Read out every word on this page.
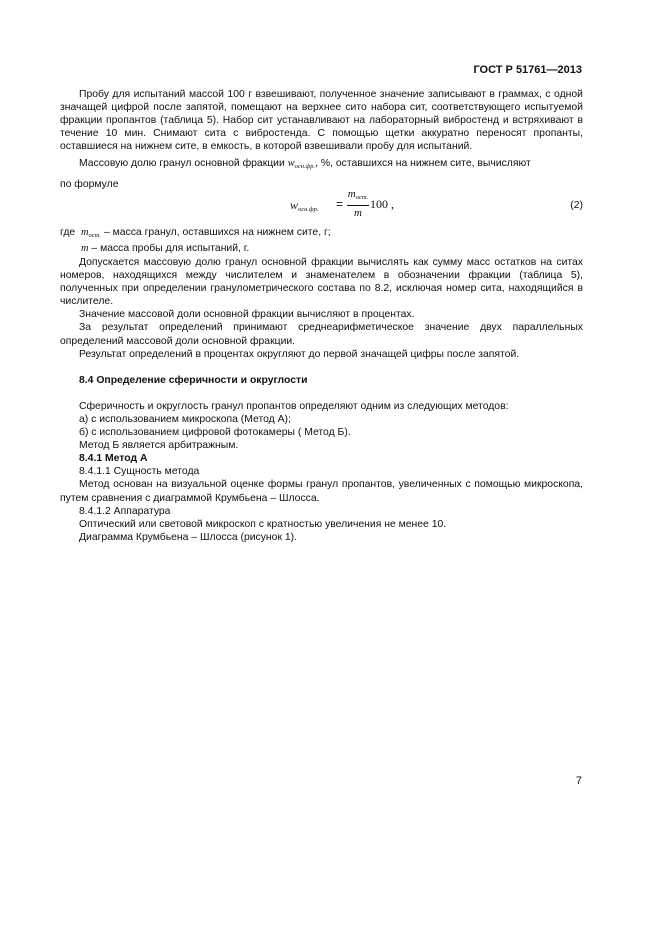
ГОСТ Р 51761—2013

Пробу для испытаний массой 100 г взвешивают, полученное значение записывают в граммах, с одной значащей цифрой после запятой, помещают на верхнее сито набора сит, соответствующего испытуемой фракции пропантов (таблица 5). Набор сит устанавливают на лабораторный вибростенд и встряхивают в течение 10 мин. Снимают сита с вибростенда. С помощью щетки аккуратно переносят пропанты, оставшиеся на нижнем сите, в емкость, в которой взвешивали пробу для испытаний.

Массовую долю гранул основной фракции $w_{осн.фр.}$, %, оставшихся на нижнем сите, вычисляют

по формуле

$w_{осн.фр.}$ =
$m_{ост.}$
m
100 ,	(2)
где $m_{ост.}$ – масса гранул, оставшихся на нижнем сите, г;
m – масса пробы для испытаний, г.

Допускается массовую долю гранул основной фракции вычислять как сумму масс остатков на ситах номеров, находящихся между числителем и знаменателем в обозначении фракции (таблица 5), полученных при определении гранулометрического состава по 8.2, исключая номер сита, находящийся в числителе.

Значение массовой доли основной фракции вычисляют в процентах.

За результат определений принимают среднеарифметическое значение двух параллельных определений массовой доли основной фракции.

Результат определений в процентах округляют до первой значащей цифры после запятой.

8.4 Определение сферичности и округлости

Сферичность и округлость гранул пропантов определяют одним из следующих методов:

а) с использованием микроскопа (Метод А);

б) с использованием цифровой фотокамеры ( Метод Б).

Метод Б является арбитражным.

8.4.1 Метод А

8.4.1.1 Сущность метода

Метод основан на визуальной оценке формы гранул пропантов, увеличенных с помощью микроскопа, путем сравнения с диаграммой Крумбьена – Шлосса.

8.4.1.2 Аппаратура

Оптический или световой микроскоп с кратностью увеличения не менее 10.

Диаграмма Крумбьена – Шлосса (рисунок 1).

7
